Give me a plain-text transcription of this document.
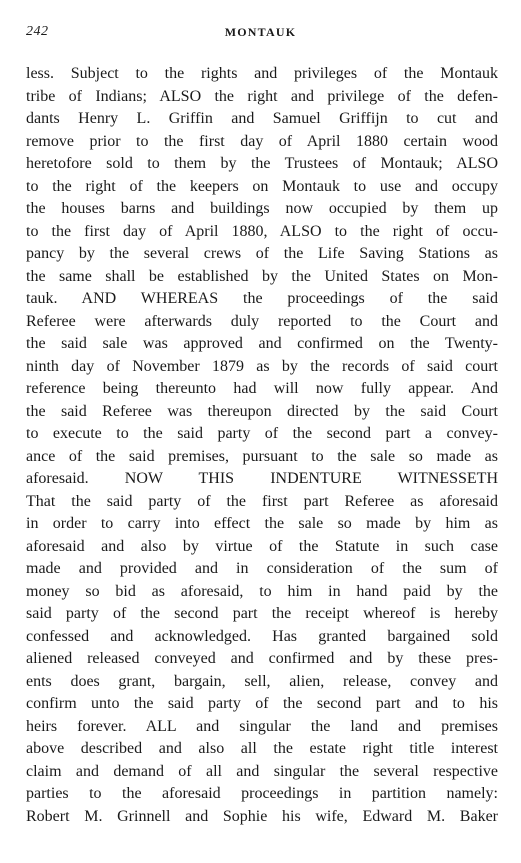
242	MONTAUK
less. Subject to the rights and privileges of the Montauk
tribe of Indians; ALSO the right and privilege of the defen-
dants Henry L. Griffin and Samuel Griffijn to cut and
remove prior to the first day of April 1880 certain wood
heretofore sold to them by the Trustees of Montauk; ALSO
to the right of the keepers on Montauk to use and occupy
the houses barns and buildings now occupied by them up
to the first day of April 1880, ALSO to the right of occu-
pancy by the several crews of the Life Saving Stations as
the same shall be established by the United States on Mon-
tauk. AND WHEREAS the proceedings of the said
Referee were afterwards duly reported to the Court and
the said sale was approved and confirmed on the Twenty-
ninth day of November 1879 as by the records of said court
reference being thereunto had will now fully appear. And
the said Referee was thereupon directed by the said Court
to execute to the said party of the second part a convey-
ance of the said premises, pursuant to the sale so made as
aforesaid. NOW THIS INDENTURE WITNESSETH
That the said party of the first part Referee as aforesaid
in order to carry into effect the sale so made by him as
aforesaid and also by virtue of the Statute in such case
made and provided and in consideration of the sum of
money so bid as aforesaid, to him in hand paid by the
said party of the second part the receipt whereof is hereby
confessed and acknowledged. Has granted bargained sold
aliened released conveyed and confirmed and by these pres-
ents does grant, bargain, sell, alien, release, convey and
confirm unto the said party of the second part and to his
heirs forever. ALL and singular the land and premises
above described and also all the estate right title interest
claim and demand of all and singular the several respective
parties to the aforesaid proceedings in partition namely:
Robert M. Grinnell and Sophie his wife, Edward M. Baker
